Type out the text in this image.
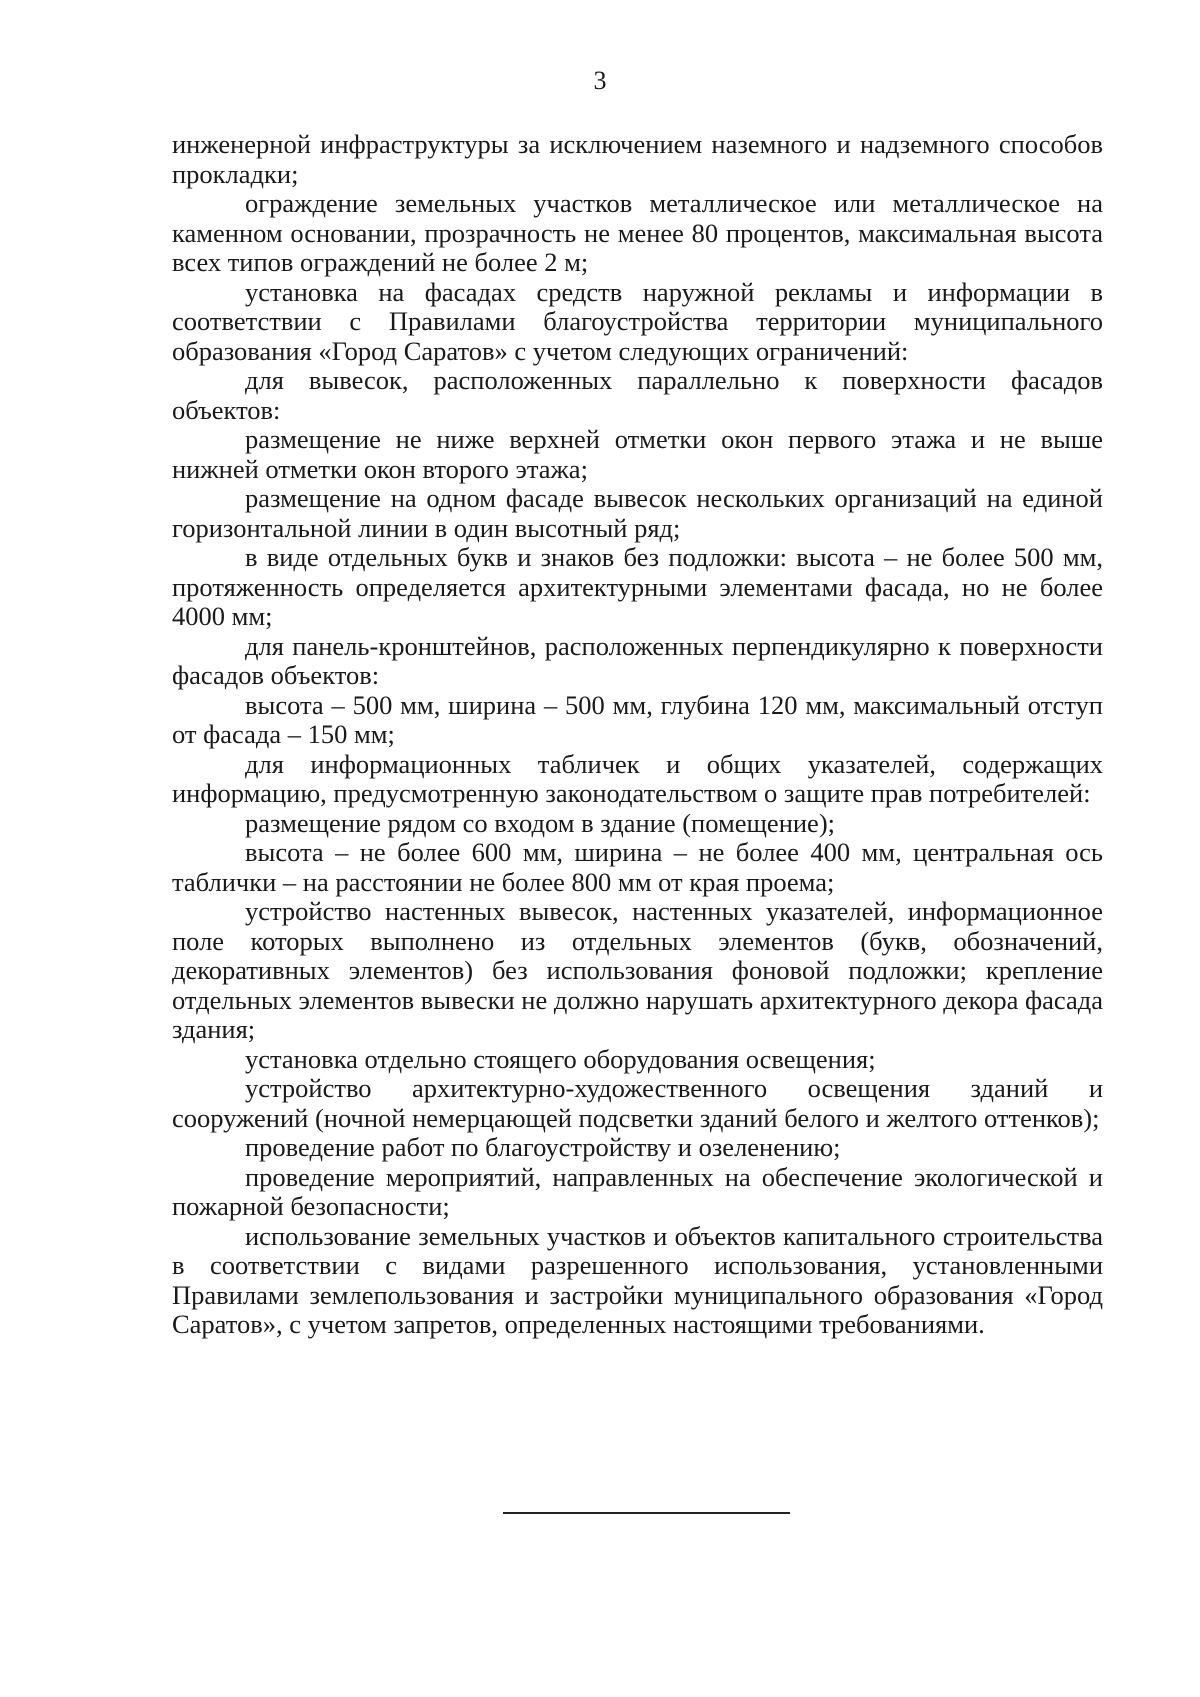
3

инженерной инфраструктуры за исключением наземного и надземного способов прокладки;

ограждение земельных участков металлическое или металлическое на каменном основании, прозрачность не менее 80 процентов, максимальная высота всех типов ограждений не более 2 м;

установка на фасадах средств наружной рекламы и информации в соответствии с Правилами благоустройства территории муниципального образования «Город Саратов» с учетом следующих ограничений:

для вывесок, расположенных параллельно к поверхности фасадов объектов:

размещение не ниже верхней отметки окон первого этажа и не выше нижней отметки окон второго этажа;

размещение на одном фасаде вывесок нескольких организаций на единой горизонтальной линии в один высотный ряд;

в виде отдельных букв и знаков без подложки: высота – не более 500 мм, протяженность определяется архитектурными элементами фасада, но не более 4000 мм;

для панель-кронштейнов, расположенных перпендикулярно к поверхности фасадов объектов:

высота – 500 мм, ширина – 500 мм, глубина 120 мм, максимальный отступ от фасада – 150 мм;

для информационных табличек и общих указателей, содержащих информацию, предусмотренную законодательством о защите прав потребителей:

размещение рядом со входом в здание (помещение);

высота – не более 600 мм, ширина – не более 400 мм, центральная ось таблички – на расстоянии не более 800 мм от края проема;

устройство настенных вывесок, настенных указателей, информационное поле которых выполнено из отдельных элементов (букв, обозначений, декоративных элементов) без использования фоновой подложки; крепление отдельных элементов вывески не должно нарушать архитектурного декора фасада здания;

установка отдельно стоящего оборудования освещения;

устройство архитектурно-художественного освещения зданий и сооружений (ночной немерцающей подсветки зданий белого и желтого оттенков);

проведение работ по благоустройству и озеленению;

проведение мероприятий, направленных на обеспечение экологической и пожарной безопасности;

использование земельных участков и объектов капитального строительства в соответствии с видами разрешенного использования, установленными Правилами землепользования и застройки муниципального образования «Город Саратов», с учетом запретов, определенных настоящими требованиями.
